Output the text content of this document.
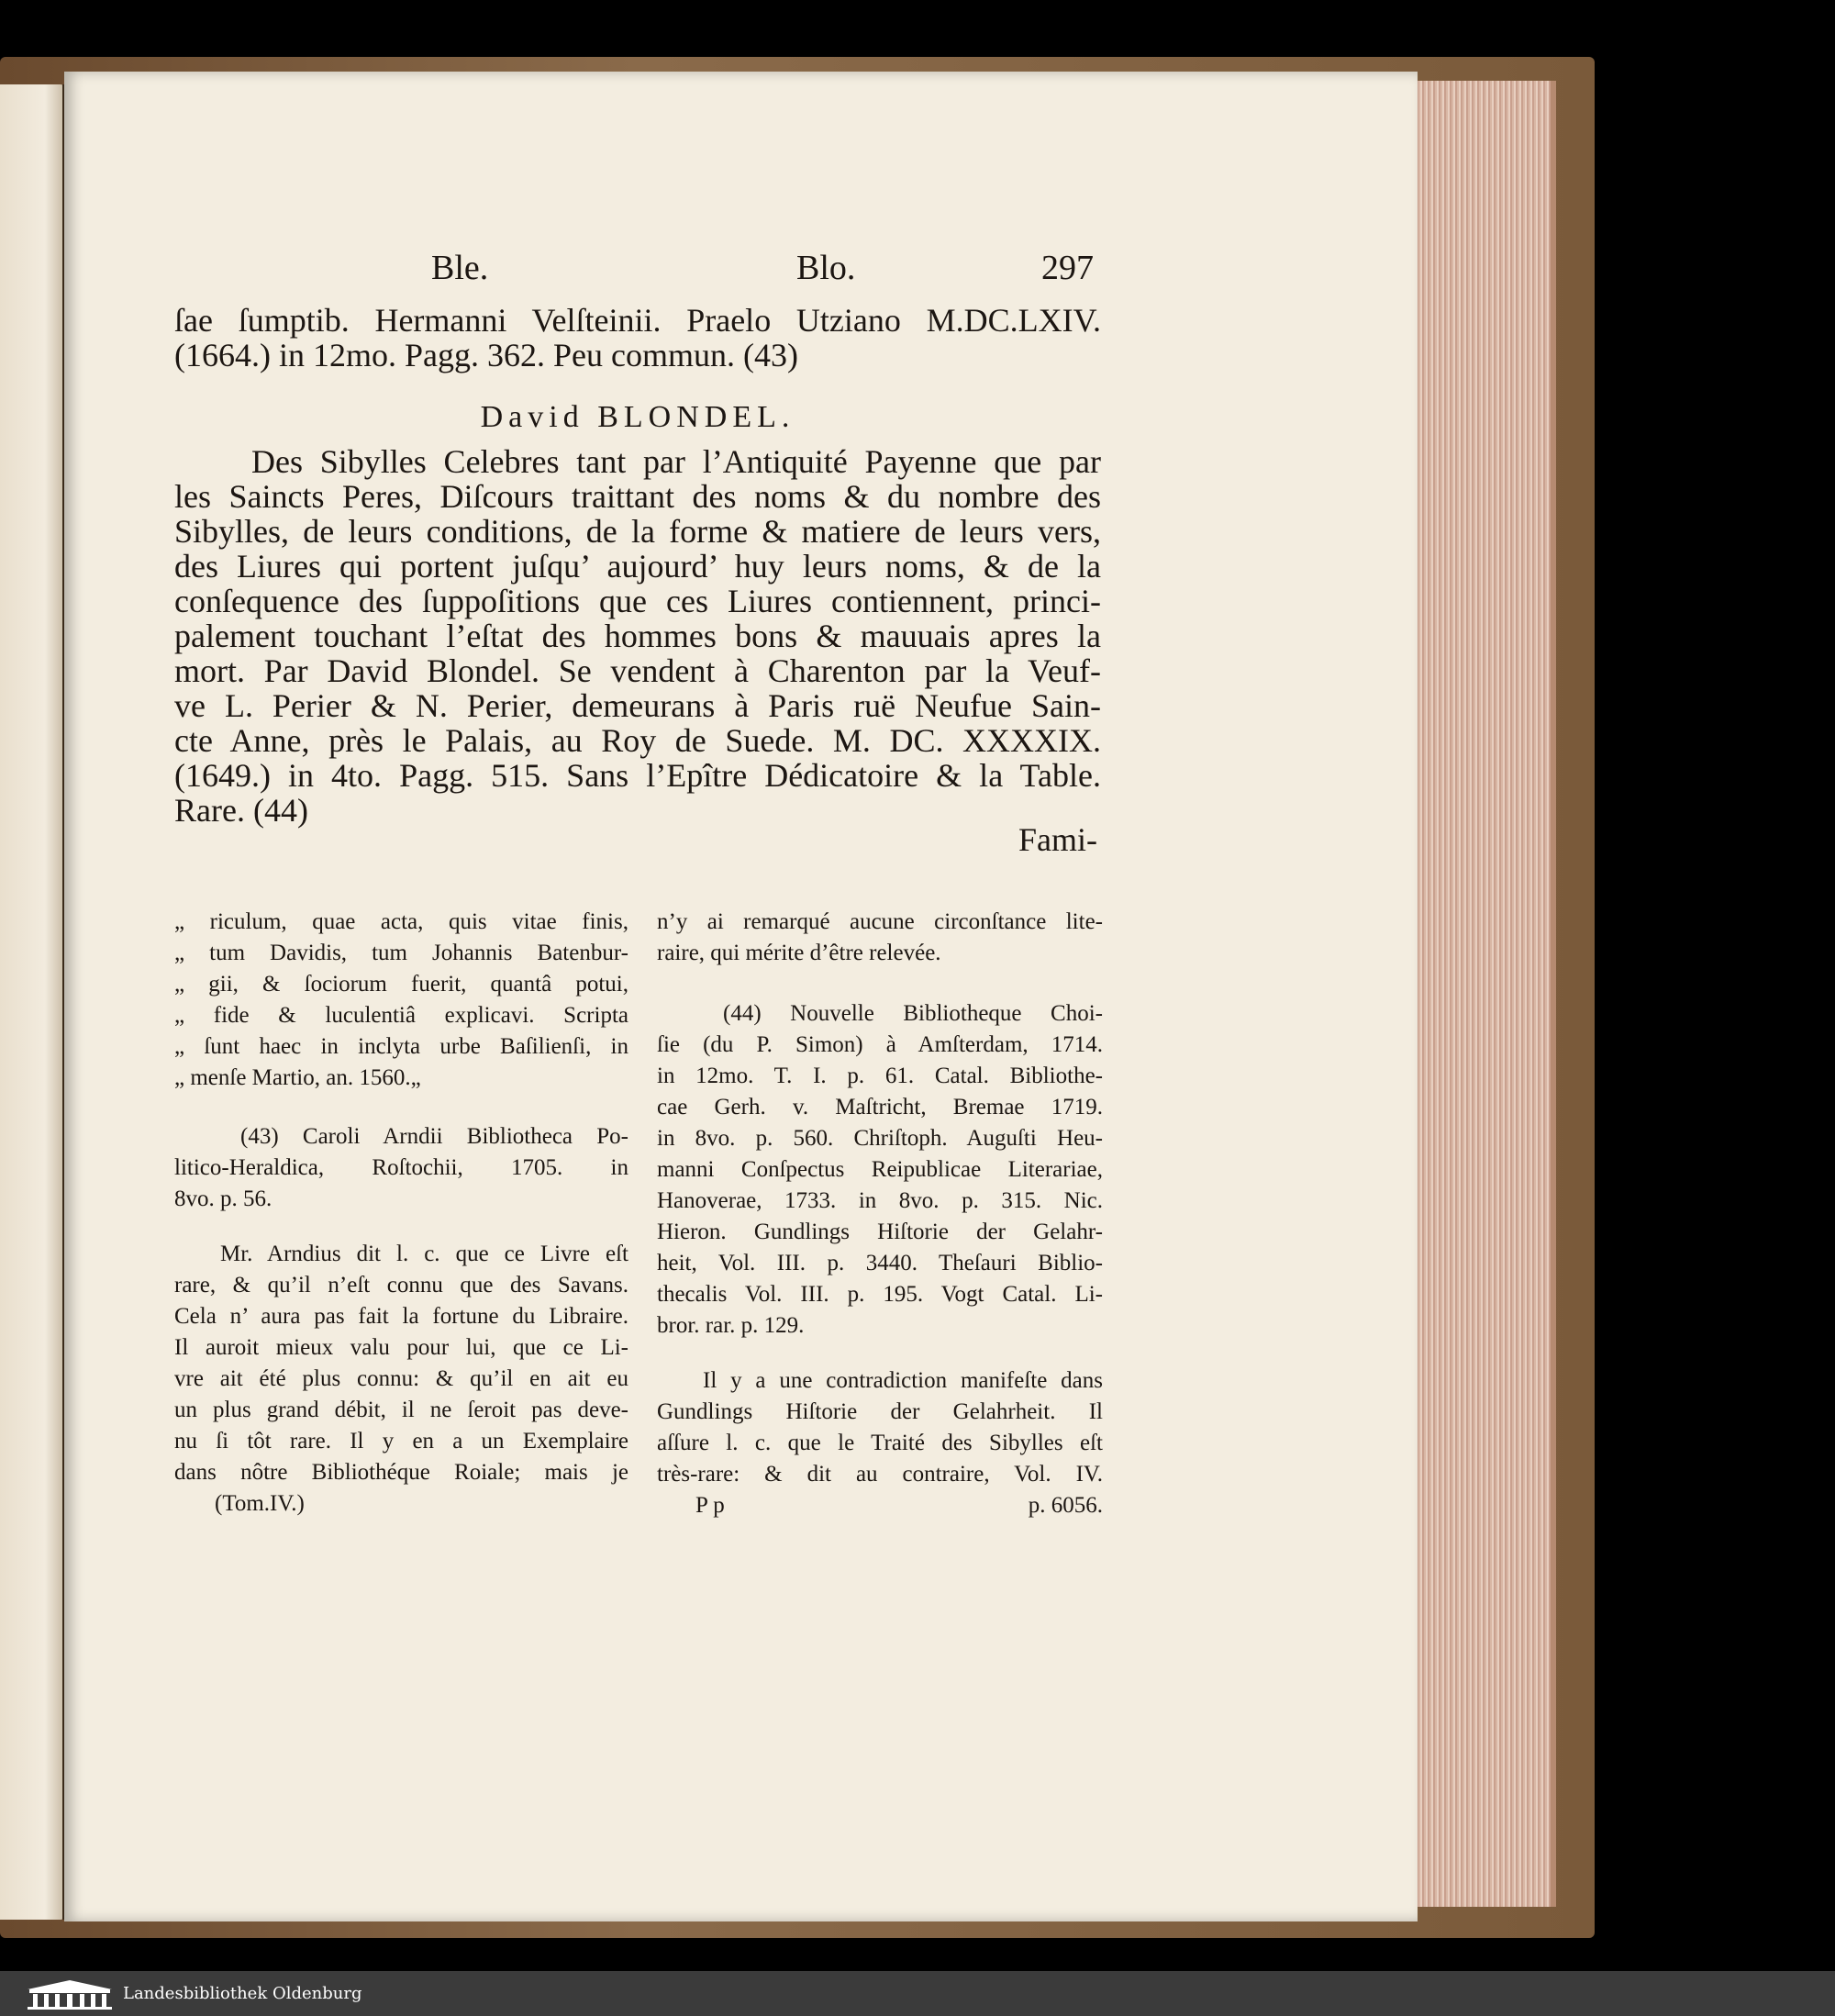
Ble.	Blo.	297
ſae ſumptib. Hermanni Velſteinii. Praelo Utziano M.DC.LXIV.
(1664.) in 12mo. Pagg. 362. Peu commun. (43)
David BLONDEL.
Des Sibylles Celebres tant par l’Antiquité Payenne que par
les Saincts Peres, Diſcours traittant des noms & du nombre des
Sibylles, de leurs conditions, de la forme & matiere de leurs vers,
des Liures qui portent juſqu’ aujourd’ huy leurs noms, & de la
conſequence des ſuppoſitions que ces Liures contiennent, princi-
palement touchant l’eſtat des hommes bons & mauuais apres la
mort. Par David Blondel. Se vendent à Charenton par la Veuf-
ve L. Perier & N. Perier, demeurans à Paris ruë Neufue Sain-
cte Anne, près le Palais, au Roy de Suede. M. DC. XXXXIX.
(1649.) in 4to. Pagg. 515. Sans l’Epître Dédicatoire & la Table.
Rare. (44)
Fami-
„ riculum, quae acta, quis vitae finis,
„ tum Davidis, tum Johannis Batenbur-
„ gii, & ſociorum fuerit, quantâ potui,
„ fide & luculentiâ explicavi. Scripta
„ ſunt haec in inclyta urbe Baſilienſi, in
„ menſe Martio, an. 1560.„
(43) Caroli Arndii Bibliotheca Po-
litico-Heraldica, Roſtochii, 1705. in
8vo. p. 56.
Mr. Arndius dit l. c. que ce Livre eſt
rare, & qu’il n’eſt connu que des Savans.
Cela n’ aura pas fait la fortune du Libraire.
Il auroit mieux valu pour lui, que ce Li-
vre ait été plus connu: & qu’il en ait eu
un plus grand débit, il ne ſeroit pas deve-
nu ſi tôt rare. Il y en a un Exemplaire
dans nôtre Bibliothéque Roiale; mais je
(Tom.IV.)
n’y ai remarqué aucune circonſtance lite-
raire, qui mérite d’être relevée.
(44) Nouvelle Bibliotheque Choi-
ſie (du P. Simon) à Amſterdam, 1714.
in 12mo. T. I. p. 61. Catal. Bibliothe-
cae Gerh. v. Maſtricht, Bremae 1719.
in 8vo. p. 560. Chriſtoph. Auguſti Heu-
manni Conſpectus Reipublicae Literariae,
Hanoverae, 1733. in 8vo. p. 315. Nic.
Hieron. Gundlings Hiſtorie der Gelahr-
heit, Vol. III. p. 3440. Theſauri Biblio-
thecalis Vol. III. p. 195. Vogt Catal. Li-
bror. rar. p. 129.
Il y a une contradiction manifeſte dans
Gundlings Hiſtorie der Gelahrheit. Il
aſſure l. c. que le Traité des Sibylles eſt
très-rare: & dit au contraire, Vol. IV.
P p	p. 6056.
Landesbibliothek Oldenburg
